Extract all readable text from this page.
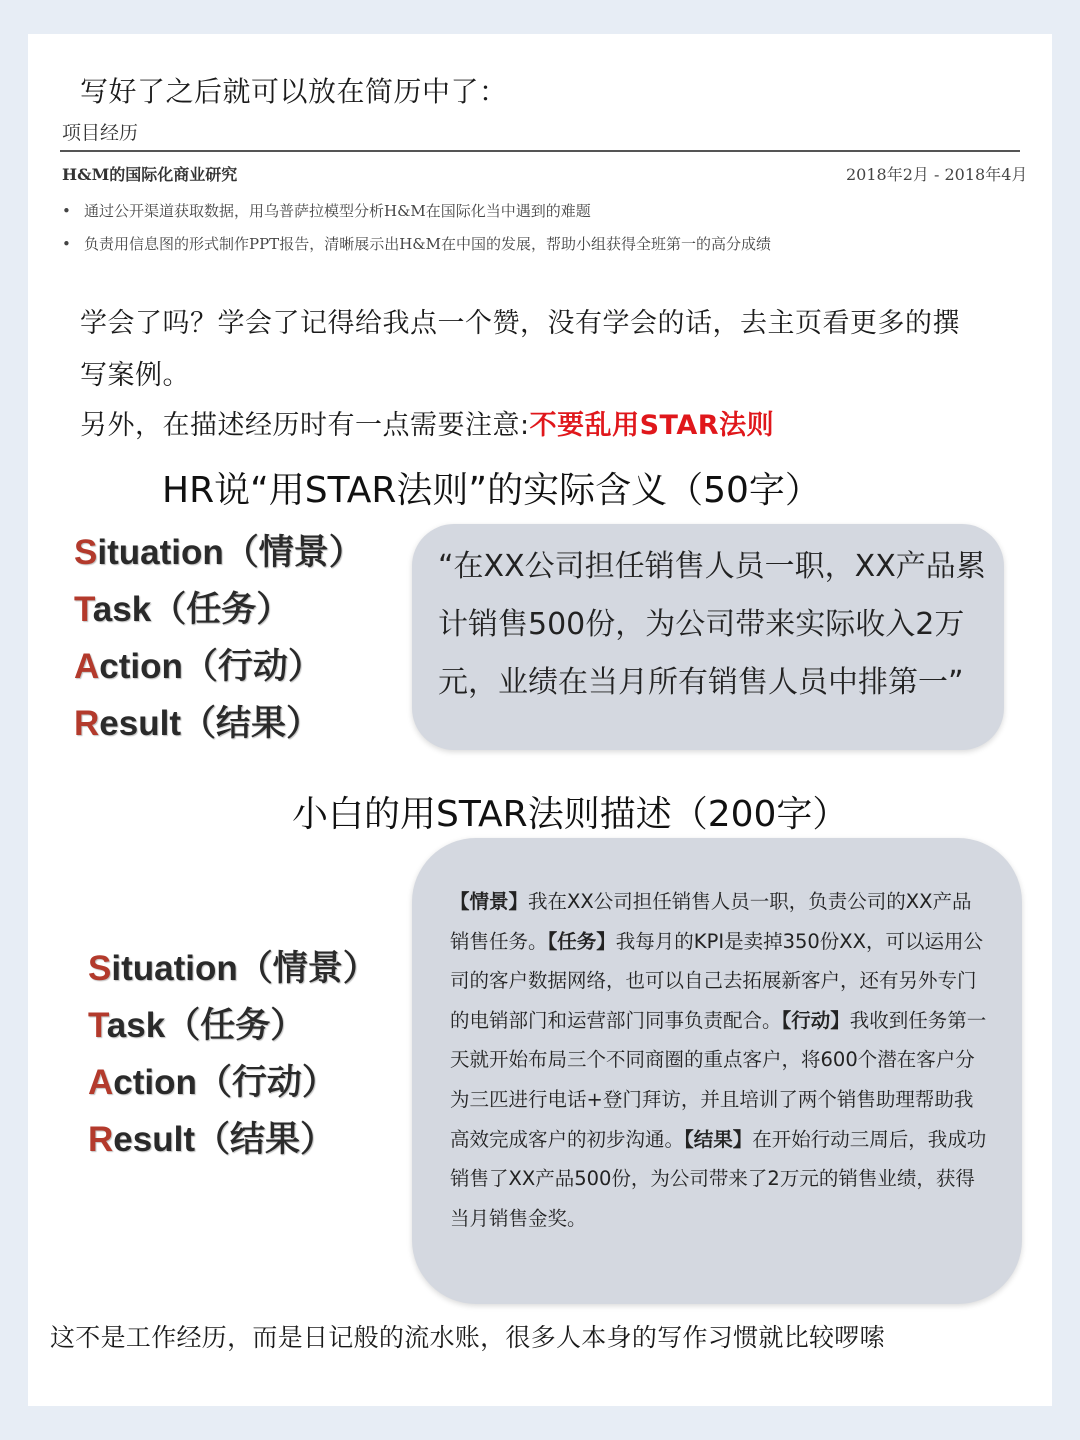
写好了之后就可以放在简历中了：
项目经历
H&M的国际化商业研究	2018年2月 - 2018年4月
• 通过公开渠道获取数据，用乌普萨拉模型分析H&M在国际化当中遇到的难题
• 负责用信息图的形式制作PPT报告，清晰展示出H&M在中国的发展，帮助小组获得全班第一的高分成绩
学会了吗？学会了记得给我点一个赞，没有学会的话，去主页看更多的撰
写案例。
另外，在描述经历时有一点需要注意:不要乱用STAR法则
HR说“用STAR法则”的实际含义（50字）
Situation（情景）
Task（任务）
Action（行动）
Result（结果）
“在XX公司担任销售人员一职，XX产品累计销售500份，为公司带来实际收入2万元，业绩在当月所有销售人员中排第一”
小白的用STAR法则描述（200字）
Situation（情景）
Task（任务）
Action（行动）
Result（结果）
【情景】我在XX公司担任销售人员一职，负责公司的XX产品销售任务。【任务】我每月的KPI是卖掉350份XX，可以运用公司的客户数据网络，也可以自己去拓展新客户，还有另外专门的电销部门和运营部门同事负责配合。【行动】我收到任务第一天就开始布局三个不同商圈的重点客户，将600个潜在客户分为三匹进行电话+登门拜访，并且培训了两个销售助理帮助我高效完成客户的初步沟通。【结果】在开始行动三周后，我成功销售了XX产品500份，为公司带来了2万元的销售业绩，获得当月销售金奖。
这不是工作经历，而是日记般的流水账，很多人本身的写作习惯就比较啰嗦
